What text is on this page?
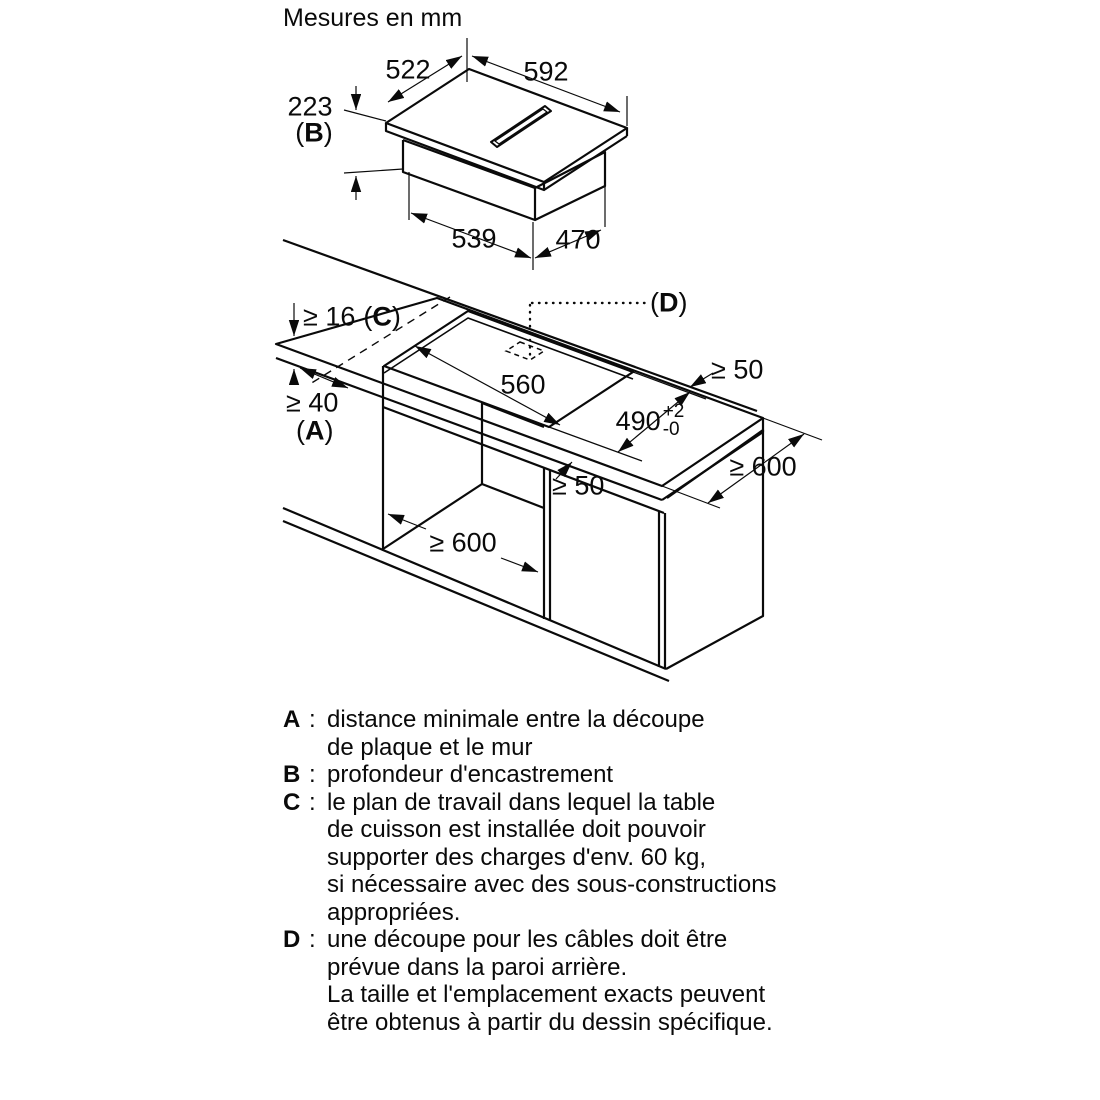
Mesures en mm
522	592
223
( B )
539 470
≥ 16 ( C )
≥ 40
( A )
( D )
560
490 +2
-0
≥ 50
≥ 600
≥ 50
≥ 600
A : distance minimale entre la découpe
de plaque et le mur
B : profondeur d'encastrement
C : le plan de travail dans lequel la table
de cuisson est installée doit pouvoir
supporter des charges d'env. 60 kg,
si nécessaire avec des sous-constructions
appropriées.
D : une découpe pour les câbles doit être
prévue dans la paroi arrière.
La taille et l'emplacement exacts peuvent
être obtenus à partir du dessin spécifique.
